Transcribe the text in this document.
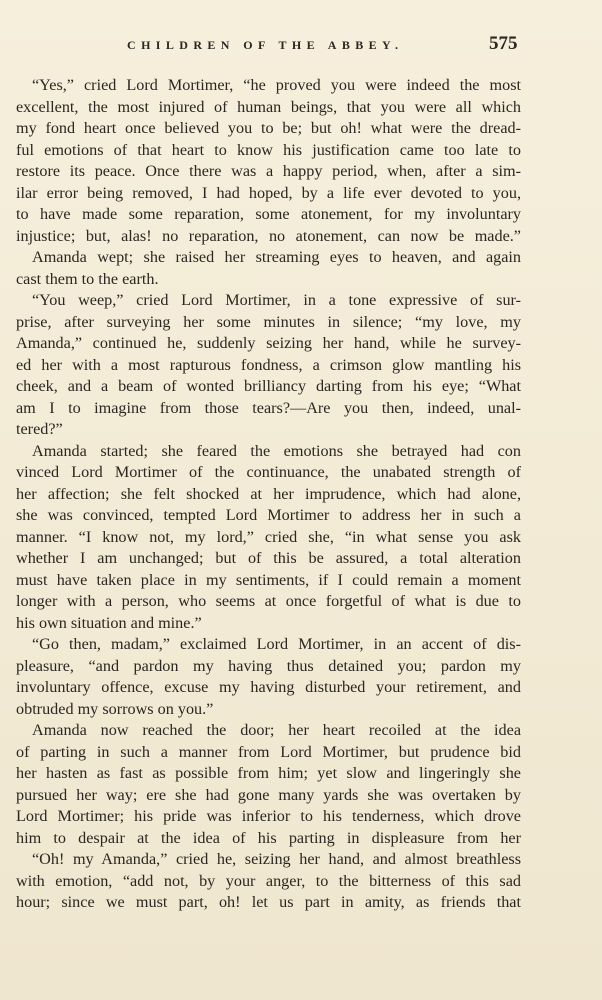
CHILDREN OF THE ABBEY.	575
“Yes,” cried Lord Mortimer, “he proved you were indeed the most
excellent, the most injured of human beings, that you were all which
my fond heart once believed you to be; but oh! what were the dread-
ful emotions of that heart to know his justification came too late to
restore its peace. Once there was a happy period, when, after a sim-
ilar error being removed, I had hoped, by a life ever devoted to you,
to have made some reparation, some atonement, for my involuntary
injustice; but, alas! no reparation, no atonement, can now be made.”
Amanda wept; she raised her streaming eyes to heaven, and again
cast them to the earth.
“You weep,” cried Lord Mortimer, in a tone expressive of sur-
prise, after surveying her some minutes in silence; “my love, my
Amanda,” continued he, suddenly seizing her hand, while he survey-
ed her with a most rapturous fondness, a crimson glow mantling his
cheek, and a beam of wonted brilliancy darting from his eye; “What
am I to imagine from those tears?—Are you then, indeed, unal-
tered?”
Amanda started; she feared the emotions she betrayed had con
vinced Lord Mortimer of the continuance, the unabated strength of
her affection; she felt shocked at her imprudence, which had alone,
she was convinced, tempted Lord Mortimer to address her in such a
manner. “I know not, my lord,” cried she, “in what sense you ask
whether I am unchanged; but of this be assured, a total alteration
must have taken place in my sentiments, if I could remain a moment
longer with a person, who seems at once forgetful of what is due to
his own situation and mine.”
“Go then, madam,” exclaimed Lord Mortimer, in an accent of dis-
pleasure, “and pardon my having thus detained you; pardon my
involuntary offence, excuse my having disturbed your retirement, and
obtruded my sorrows on you.”
Amanda now reached the door; her heart recoiled at the idea
of parting in such a manner from Lord Mortimer, but prudence bid
her hasten as fast as possible from him; yet slow and lingeringly she
pursued her way; ere she had gone many yards she was overtaken by
Lord Mortimer; his pride was inferior to his tenderness, which drove
him to despair at the idea of his parting in displeasure from her
“Oh! my Amanda,” cried he, seizing her hand, and almost breathless
with emotion, “add not, by your anger, to the bitterness of this sad
hour; since we must part, oh! let us part in amity, as friends that
